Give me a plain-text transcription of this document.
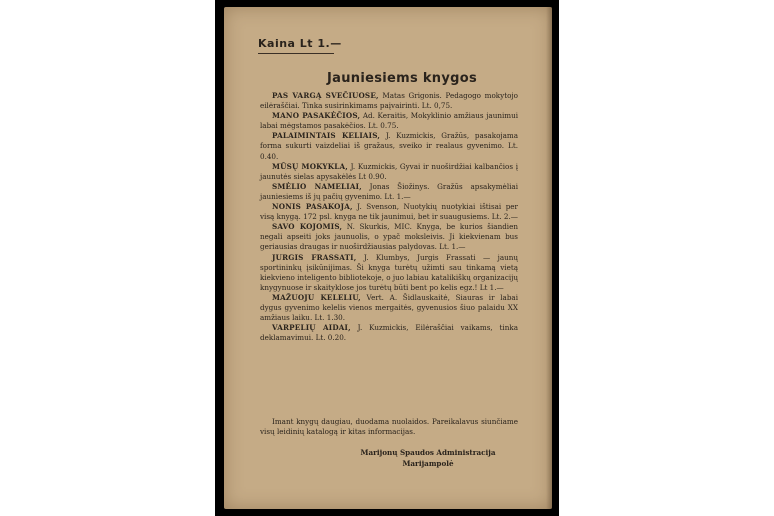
Kaina Lt 1.—
Jauniesiems knygos

PAS VARGĄ SVEČIUOSE, Matas Grigonis. Pedagogo mokytojo eilėraščiai. Tinka susirinkimams paįvairinti. Lt. 0,75.

MANO PASAKĖČIOS, Ad. Keraitis, Mokyklinio amžiaus jaunimui labai mėgstamos pasakėčios. Lt. 0.75.

PALAIMINTAIS KELIAIS, J. Kuzmickis, Gražūs, pasakojama forma sukurti vaizdeliai iš gražaus, sveiko ir realaus gyvenimo. Lt. 0.40.

MŪSŲ MOKYKLA, J. Kuzmickis, Gyvai ir nuoširdžiai kalbančios į jaunutės sielas apysakėlės Lt 0.90.

SMĖLIO NAMELIAI, Jonas Šiožinys. Gražūs apsakymėliai jauniesiems iš jų pačių gyvenimo. Lt. 1.—

NONIS PASAKOJA, J. Svenson, Nuotykių nuotykiai ištisai per visą knygą. 172 psl. knyga ne tik jaunimui, bet ir suaugusiems. Lt. 2.—

SAVO KOJOMIS, N. Skurkis, MIC. Knyga, be kurios šiandien negali apseiti joks jaunuolis, o ypač moksleivis. Ji kiekvienam bus geriausias draugas ir nuoširdžiausias palydovas. Lt. 1.—

JURGIS FRASSATI, J. Klumbys, Jurgis Frassati — jaunų sportininkų įsikūnijimas. Ši knyga turėtų užimti sau tinkamą vietą kiekvieno inteligento bibliotekoje, o juo labiau katalikiškų organizacijų knygynuose ir skaityklose jos turėtų būti bent po kelis egz.! Lt 1.—

MAŽUOJU KELELIU, Vert. A. Šidlauskaitė, Siauras ir labai dygus gyvenimo kelelis vienos mergaitės, gyvenusios šiuo palaidu XX amžiaus laiku. Lt. 1.30.

VARPELIŲ AIDAI, J. Kuzmickis, Eilėraščiai vaikams, tinka deklamavimui. Lt. 0.20.

Imant knygų daugiau, duodama nuolaidos. Pareikalavus siunčiame visų leidinių katalogą ir kitas informacijas.
Marijonų Spaudos Administracija
Marijampolė
